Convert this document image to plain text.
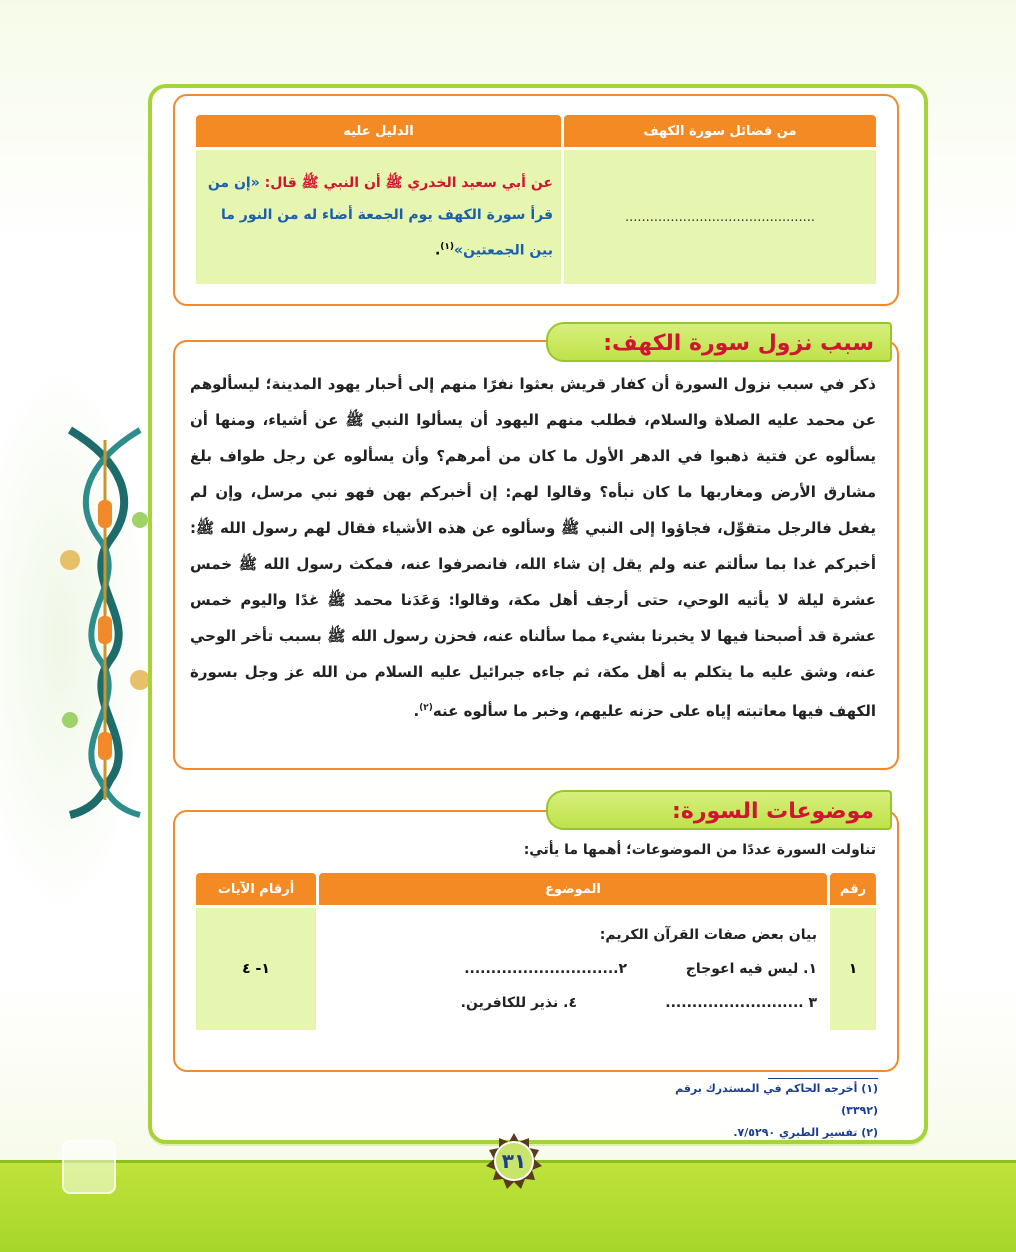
من فضائل سورة الكهف	الدليل عليه
..............................................	عن أبي سعيد الخدري ﷺ أن النبي ﷺ قال: «إن من قرأ سورة الكهف يوم الجمعة أضاء له من النور ما بين الجمعتين»$^{(١)}$.
سبب نزول سورة الكهف:
ذكر في سبب نزول السورة أن كفار قريش بعثوا نفرًا منهم إلى أحبار يهود المدينة؛ ليسألوهم عن محمد عليه الصلاة والسلام، فطلب منهم اليهود أن يسألوا النبي ﷺ عن أشياء، ومنها أن يسألوه عن فتية ذهبوا في الدهر الأول ما كان من أمرهم؟ وأن يسألوه عن رجل طواف بلغ مشارق الأرض ومغاربها ما كان نبأه؟ وقالوا لهم: إن أخبركم بهن فهو نبي مرسل، وإن لم يفعل فالرجل متقوِّل، فجاؤوا إلى النبي ﷺ وسألوه عن هذه الأشياء فقال لهم رسول الله ﷺ: أخبركم غدا بما سألتم عنه ولم يقل إن شاء الله، فانصرفوا عنه، فمكث رسول الله ﷺ خمس عشرة ليلة لا يأتيه الوحي، حتى أرجف أهل مكة، وقالوا: وَعَدَنا محمد ﷺ غدًا واليوم خمس عشرة قد أصبحنا فيها لا يخبرنا بشيء مما سألناه عنه، فحزن رسول الله ﷺ بسبب تأخر الوحي عنه، وشق عليه ما يتكلم به أهل مكة، ثم جاءه جبرائيل عليه السلام من الله عز وجل بسورة الكهف فيها معاتبته إياه على حزنه عليهم، وخبر ما سألوه عنه$^{(٢)}$.
موضوعات السورة:
تناولت السورة عددًا من الموضوعات؛ أهمها ما يأتي:
رقم	الموضوع	أرقام الآيات
١	بيان بعض صفات القرآن الكريم:
١. ليس فيه اعوجاج
٢.............................
٣ ..........................
٤. نذير للكافرين.	١- ٤
(١) أخرجه الحاكم في المستدرك برقم (٣٣٩٢)
(٢) تفسير الطبري ٧/٥٢٩٠.
٣١
